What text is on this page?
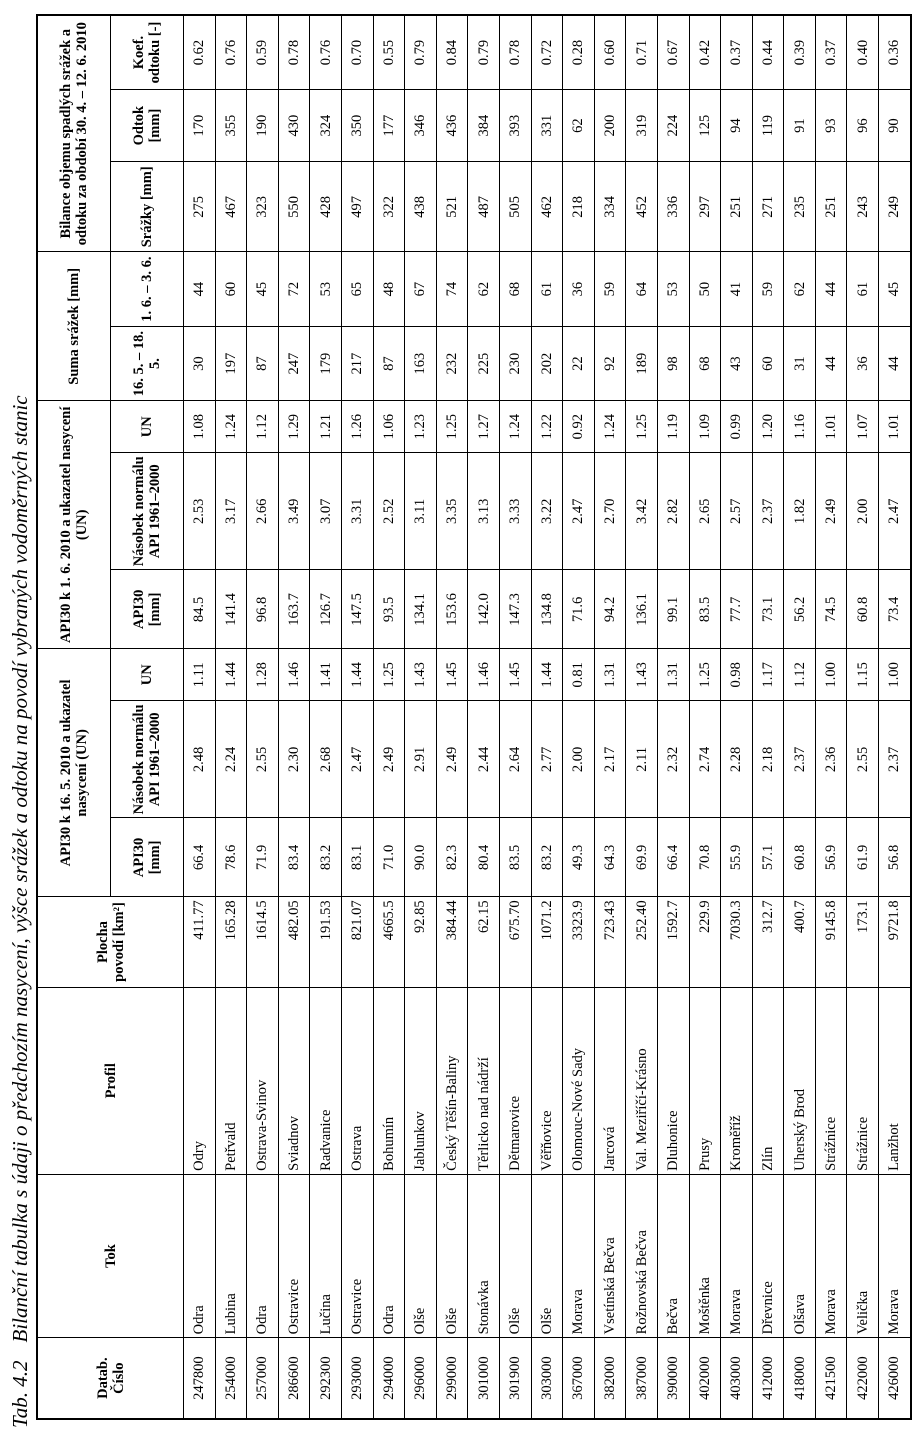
Tab. 4.2Bilanční tabulka s údaji o předchozím nasycení, výšce srážek a odtoku na povodí vybraných vodoměrných stanic
Datab. Číslo	Tok	Profil	Plocha povodí [km²]	API30 k 16. 5. 2010 a ukazatel nasycení (UN)			API30 k 1. 6. 2010 a ukazatel nasycení (UN)			Suma srážek [mm]		Bilance objemu spadlých srážek a odtoku za období 30. 4. – 12. 6. 2010		
				API30 [mm]	Násobek normálu API 1961–2000	UN	API30 [mm]	Násobek normálu API 1961–2000	UN	16. 5. – 18. 5.	1. 6. – 3. 6.	Srážky [mm]	Odtok [mm]	Koef. odtoku [-]
247800	Odra	Odry	411.77	66.4	2.48	1.11	84.5	2.53	1.08	30	44	275	170	0.62
254000	Lubina	Petřvald	165.28	78.6	2.24	1.44	141.4	3.17	1.24	197	60	467	355	0.76
257000	Odra	Ostrava-Svinov	1614.5	71.9	2.55	1.28	96.8	2.66	1.12	87	45	323	190	0.59
286600	Ostravice	Sviadnov	482.05	83.4	2.30	1.46	163.7	3.49	1.29	247	72	550	430	0.78
292300	Lučina	Radvanice	191.53	83.2	2.68	1.41	126.7	3.07	1.21	179	53	428	324	0.76
293000	Ostravice	Ostrava	821.07	83.1	2.47	1.44	147.5	3.31	1.26	217	65	497	350	0.70
294000	Odra	Bohumín	4665.5	71.0	2.49	1.25	93.5	2.52	1.06	87	48	322	177	0.55
296000	Olše	Jablunkov	92.85	90.0	2.91	1.43	134.1	3.11	1.23	163	67	438	346	0.79
299000	Olše	Český Těšín-Baliny	384.44	82.3	2.49	1.45	153.6	3.35	1.25	232	74	521	436	0.84
301000	Stonávka	Těrlicko nad nádrží	62.15	80.4	2.44	1.46	142.0	3.13	1.27	225	62	487	384	0.79
301900	Olše	Dětmarovice	675.70	83.5	2.64	1.45	147.3	3.33	1.24	230	68	505	393	0.78
303000	Olše	Věřňovice	1071.2	83.2	2.77	1.44	134.8	3.22	1.22	202	61	462	331	0.72
367000	Morava	Olomouc-Nové Sady	3323.9	49.3	2.00	0.81	71.6	2.47	0.92	22	36	218	62	0.28
382000	Vsetínská Bečva	Jarcová	723.43	64.3	2.17	1.31	94.2	2.70	1.24	92	59	334	200	0.60
387000	Rožnovská Bečva	Val. Meziříčí-Krásno	252.40	69.9	2.11	1.43	136.1	3.42	1.25	189	64	452	319	0.71
390000	Bečva	Dluhonice	1592.7	66.4	2.32	1.31	99.1	2.82	1.19	98	53	336	224	0.67
402000	Moštěnka	Prusy	229.9	70.8	2.74	1.25	83.5	2.65	1.09	68	50	297	125	0.42
403000	Morava	Kroměříž	7030.3	55.9	2.28	0.98	77.7	2.57	0.99	43	41	251	94	0.37
412000	Dřevnice	Zlín	312.7	57.1	2.18	1.17	73.1	2.37	1.20	60	59	271	119	0.44
418000	Olšava	Uherský Brod	400.7	60.8	2.37	1.12	56.2	1.82	1.16	31	62	235	91	0.39
421500	Morava	Strážnice	9145.8	56.9	2.36	1.00	74.5	2.49	1.01	44	44	251	93	0.37
422000	Velička	Strážnice	173.1	61.9	2.55	1.15	60.8	2.00	1.07	36	61	243	96	0.40
426000	Morava	Lanžhot	9721.8	56.8	2.37	1.00	73.4	2.47	1.01	44	45	249	90	0.36
